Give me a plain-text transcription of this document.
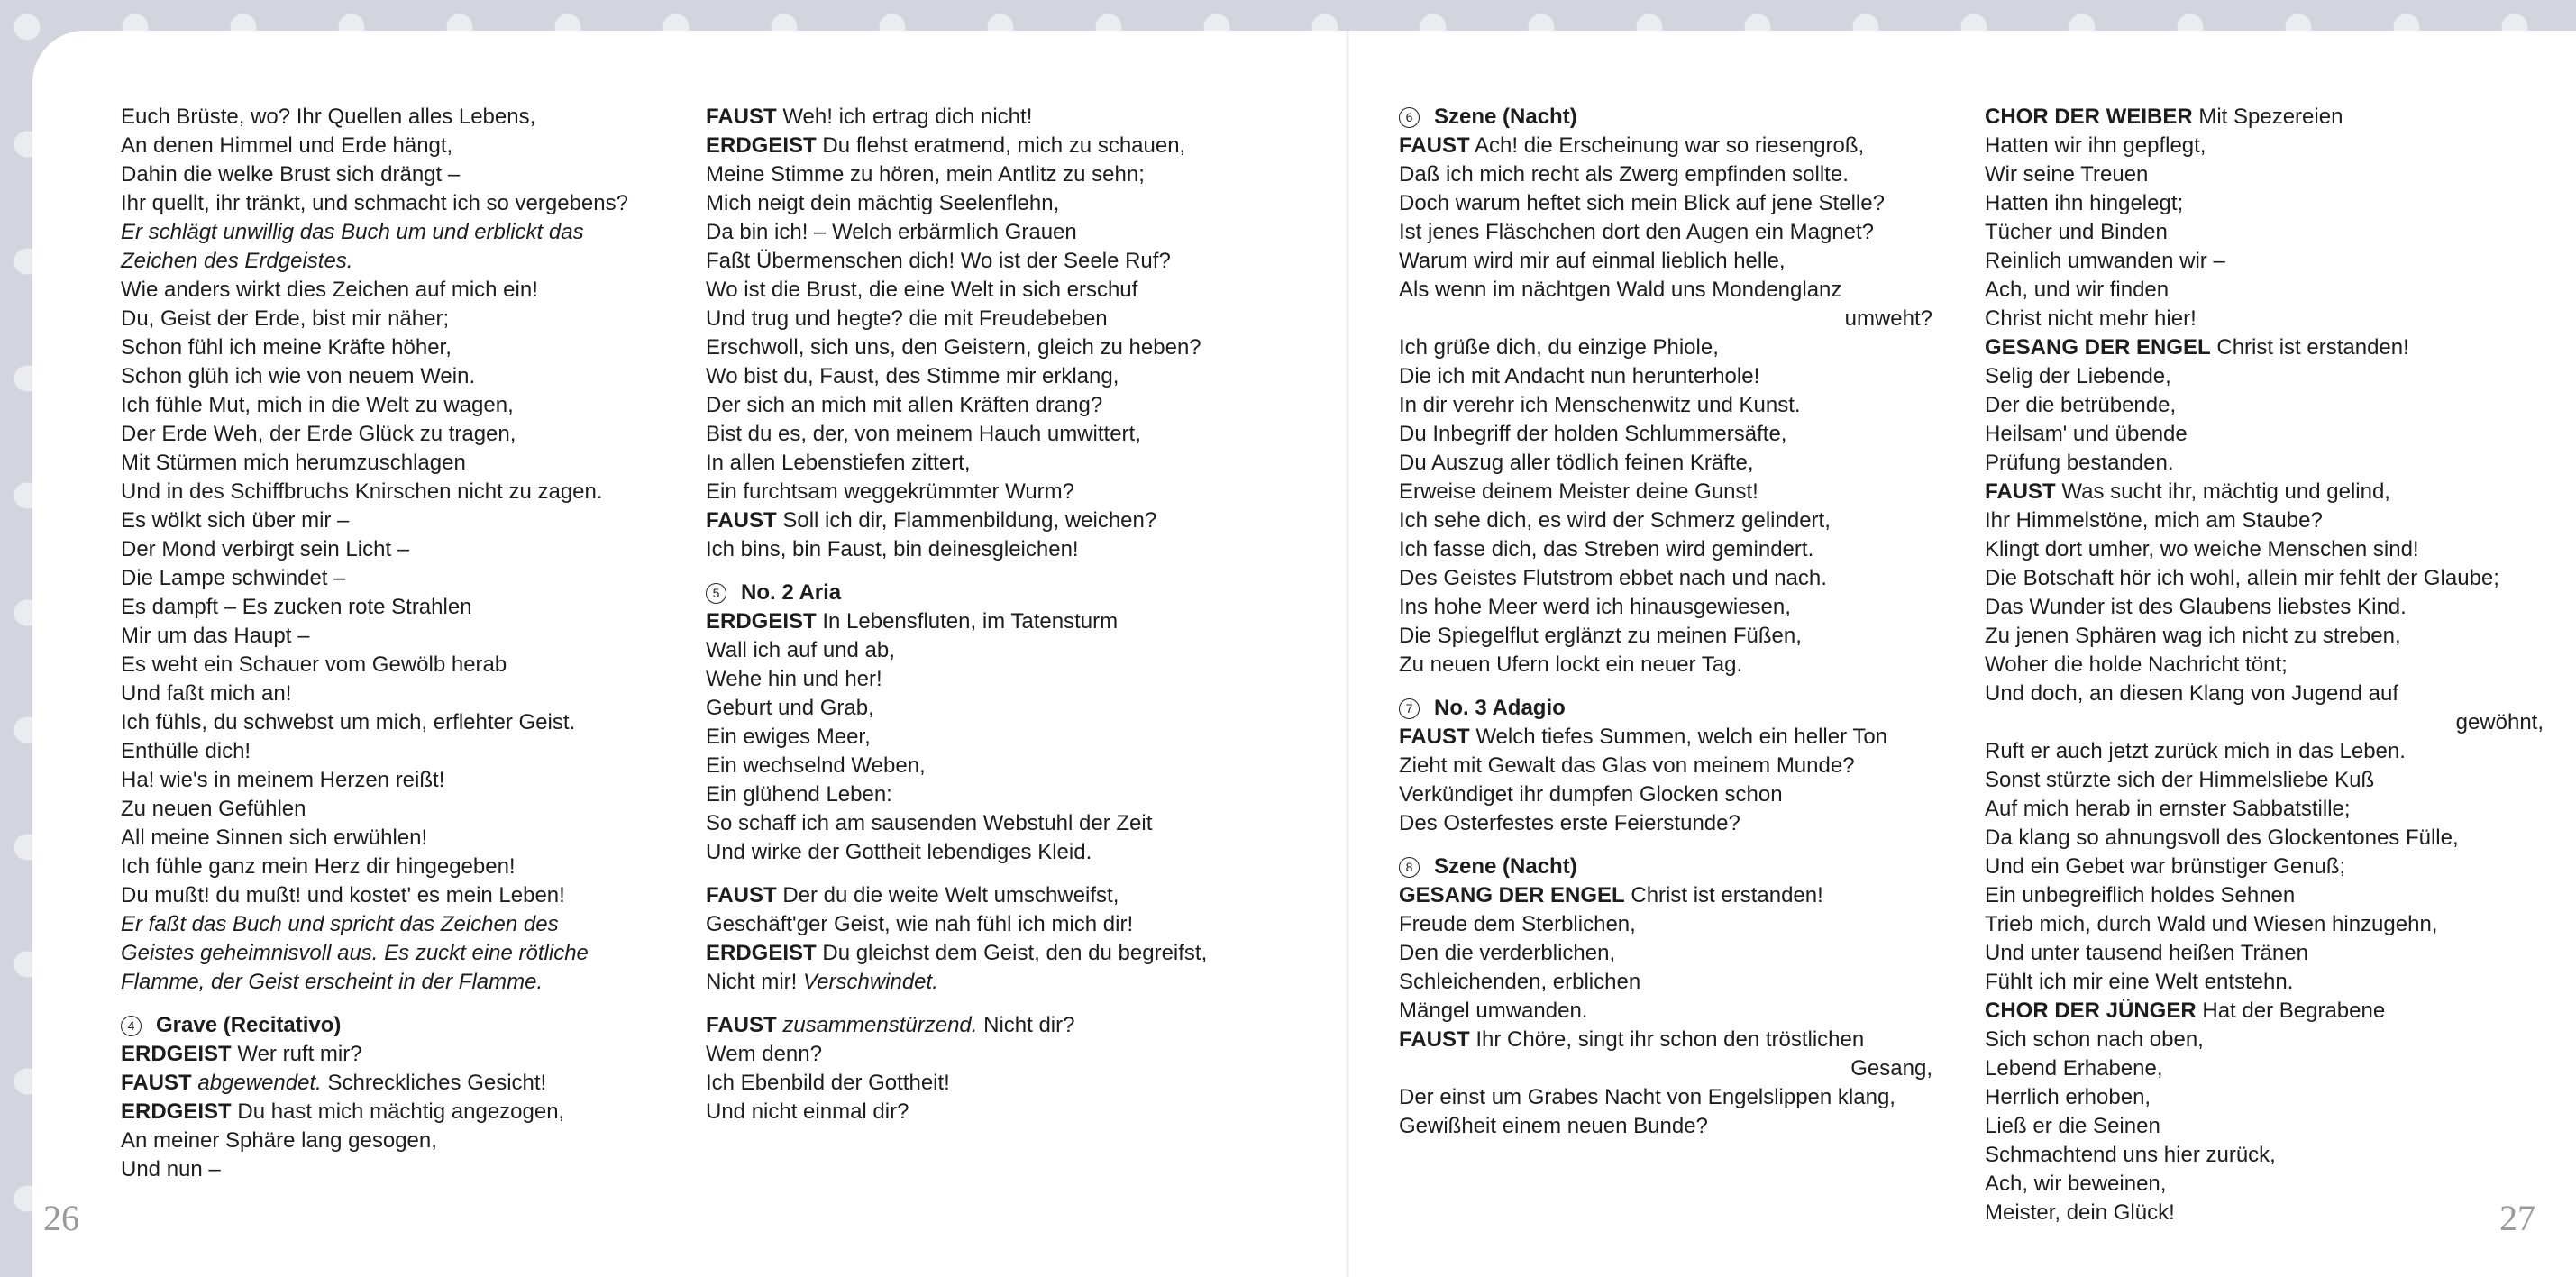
Euch Brüste, wo? Ihr Quellen alles Lebens,
An denen Himmel und Erde hängt,
Dahin die welke Brust sich drängt –
Ihr quellt, ihr tränkt, und schmacht ich so vergebens?
Er schlägt unwillig das Buch um und erblickt das
Zeichen des Erdgeistes.
Wie anders wirkt dies Zeichen auf mich ein!
Du, Geist der Erde, bist mir näher;
Schon fühl ich meine Kräfte höher,
Schon glüh ich wie von neuem Wein.
Ich fühle Mut, mich in die Welt zu wagen,
Der Erde Weh, der Erde Glück zu tragen,
Mit Stürmen mich herumzuschlagen
Und in des Schiffbruchs Knirschen nicht zu zagen.
Es wölkt sich über mir –
Der Mond verbirgt sein Licht –
Die Lampe schwindet –
Es dampft – Es zucken rote Strahlen
Mir um das Haupt –
Es weht ein Schauer vom Gewölb herab
Und faßt mich an!
Ich fühls, du schwebst um mich, erflehter Geist.
Enthülle dich!
Ha! wie's in meinem Herzen reißt!
Zu neuen Gefühlen
All meine Sinnen sich erwühlen!
Ich fühle ganz mein Herz dir hingegeben!
Du mußt! du mußt! und kostet' es mein Leben!
Er faßt das Buch und spricht das Zeichen des
Geistes geheimnisvoll aus. Es zuckt eine rötliche
Flamme, der Geist erscheint in der Flamme.
4 Grave (Recitativo)
ERDGEIST Wer ruft mir?
FAUST abgewendet. Schreckliches Gesicht!
ERDGEIST Du hast mich mächtig angezogen,
An meiner Sphäre lang gesogen,
Und nun –
FAUST Weh! ich ertrag dich nicht!
ERDGEIST Du flehst eratmend, mich zu schauen,
Meine Stimme zu hören, mein Antlitz zu sehn;
Mich neigt dein mächtig Seelenflehn,
Da bin ich! – Welch erbärmlich Grauen
Faßt Übermenschen dich! Wo ist der Seele Ruf?
Wo ist die Brust, die eine Welt in sich erschuf
Und trug und hegte? die mit Freudebeben
Erschwoll, sich uns, den Geistern, gleich zu heben?
Wo bist du, Faust, des Stimme mir erklang,
Der sich an mich mit allen Kräften drang?
Bist du es, der, von meinem Hauch umwittert,
In allen Lebenstiefen zittert,
Ein furchtsam weggekrümmter Wurm?
FAUST Soll ich dir, Flammenbildung, weichen?
Ich bins, bin Faust, bin deinesgleichen!
5 No. 2 Aria
ERDGEIST In Lebensfluten, im Tatensturm
Wall ich auf und ab,
Wehe hin und her!
Geburt und Grab,
Ein ewiges Meer,
Ein wechselnd Weben,
Ein glühend Leben:
So schaff ich am sausenden Webstuhl der Zeit
Und wirke der Gottheit lebendiges Kleid.
FAUST Der du die weite Welt umschweifst,
Geschäft'ger Geist, wie nah fühl ich mich dir!
ERDGEIST Du gleichst dem Geist, den du begreifst,
Nicht mir! Verschwindet.
FAUST zusammenstürzend. Nicht dir?
Wem denn?
Ich Ebenbild der Gottheit!
Und nicht einmal dir?
6 Szene (Nacht)
FAUST Ach! die Erscheinung war so riesengroß,
Daß ich mich recht als Zwerg empfinden sollte.
Doch warum heftet sich mein Blick auf jene Stelle?
Ist jenes Fläschchen dort den Augen ein Magnet?
Warum wird mir auf einmal lieblich helle,
Als wenn im nächtgen Wald uns Mondenglanz
umweht?
Ich grüße dich, du einzige Phiole,
Die ich mit Andacht nun herunterhole!
In dir verehr ich Menschenwitz und Kunst.
Du Inbegriff der holden Schlummersäfte,
Du Auszug aller tödlich feinen Kräfte,
Erweise deinem Meister deine Gunst!
Ich sehe dich, es wird der Schmerz gelindert,
Ich fasse dich, das Streben wird gemindert.
Des Geistes Flutstrom ebbet nach und nach.
Ins hohe Meer werd ich hinausgewiesen,
Die Spiegelflut erglänzt zu meinen Füßen,
Zu neuen Ufern lockt ein neuer Tag.
7 No. 3 Adagio
FAUST Welch tiefes Summen, welch ein heller Ton
Zieht mit Gewalt das Glas von meinem Munde?
Verkündiget ihr dumpfen Glocken schon
Des Osterfestes erste Feierstunde?
8 Szene (Nacht)
GESANG DER ENGEL Christ ist erstanden!
Freude dem Sterblichen,
Den die verderblichen,
Schleichenden, erblichen
Mängel umwanden.
FAUST Ihr Chöre, singt ihr schon den tröstlichen
Gesang,
Der einst um Grabes Nacht von Engelslippen klang,
Gewißheit einem neuen Bunde?
CHOR DER WEIBER Mit Spezereien
Hatten wir ihn gepflegt,
Wir seine Treuen
Hatten ihn hingelegt;
Tücher und Binden
Reinlich umwanden wir –
Ach, und wir finden
Christ nicht mehr hier!
GESANG DER ENGEL Christ ist erstanden!
Selig der Liebende,
Der die betrübende,
Heilsam' und übende
Prüfung bestanden.
FAUST Was sucht ihr, mächtig und gelind,
Ihr Himmelstöne, mich am Staube?
Klingt dort umher, wo weiche Menschen sind!
Die Botschaft hör ich wohl, allein mir fehlt der Glaube;
Das Wunder ist des Glaubens liebstes Kind.
Zu jenen Sphären wag ich nicht zu streben,
Woher die holde Nachricht tönt;
Und doch, an diesen Klang von Jugend auf
gewöhnt,
Ruft er auch jetzt zurück mich in das Leben.
Sonst stürzte sich der Himmelsliebe Kuß
Auf mich herab in ernster Sabbatstille;
Da klang so ahnungsvoll des Glockentones Fülle,
Und ein Gebet war brünstiger Genuß;
Ein unbegreiflich holdes Sehnen
Trieb mich, durch Wald und Wiesen hinzugehn,
Und unter tausend heißen Tränen
Fühlt ich mir eine Welt entstehn.
CHOR DER JÜNGER Hat der Begrabene
Sich schon nach oben,
Lebend Erhabene,
Herrlich erhoben,
Ließ er die Seinen
Schmachtend uns hier zurück,
Ach, wir beweinen,
Meister, dein Glück!
26	27
